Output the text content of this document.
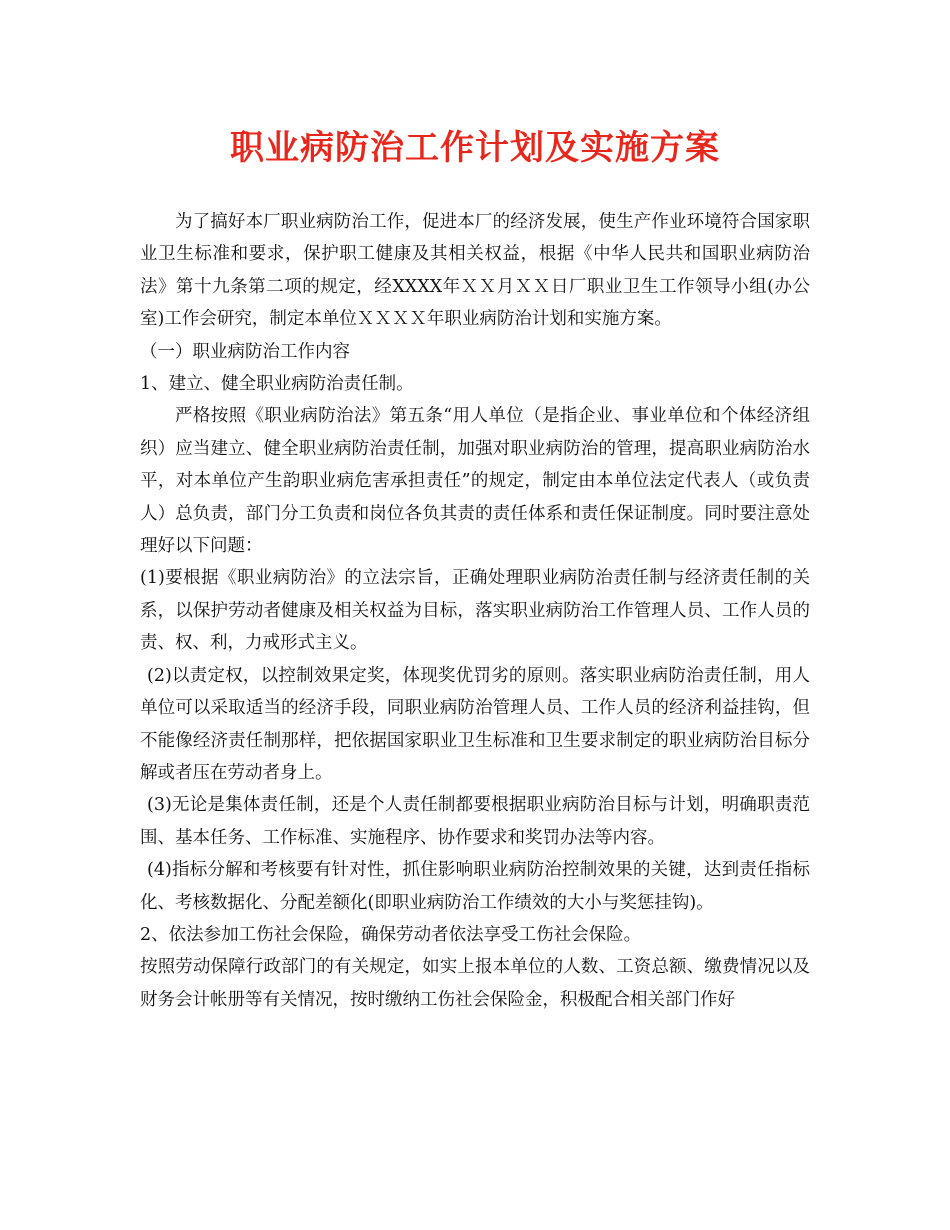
职业病防治工作计划及实施方案

为了搞好本厂职业病防治工作，促进本厂的经济发展，使生产作业环境符合国家职业卫生标准和要求，保护职工健康及其相关权益，根据《中华人民共和国职业病防治法》第十九条第二项的规定，经XXXX年ＸＸ月ＸＸ日厂职业卫生工作领导小组(办公室)工作会研究，制定本单位ＸＸＸＸ年职业病防治计划和实施方案。

（一）职业病防治工作内容

1、建立、健全职业病防治责任制。

严格按照《职业病防治法》第五条“用人单位（是指企业、事业单位和个体经济组织）应当建立、健全职业病防治责任制，加强对职业病防治的管理，提高职业病防治水平，对本单位产生韵职业病危害承担责任”的规定，制定由本单位法定代表人（或负责人）总负责，部门分工负责和岗位各负其责的责任体系和责任保证制度。同时要注意处理好以下问题：

(1)要根据《职业病防治》的立法宗旨，正确处理职业病防治责任制与经济责任制的关系，以保护劳动者健康及相关权益为目标，落实职业病防治工作管理人员、工作人员的责、权、利，力戒形式主义。

(2)以责定权，以控制效果定奖，体现奖优罚劣的原则。落实职业病防治责任制，用人单位可以采取适当的经济手段，同职业病防治管理人员、工作人员的经济利益挂钩，但不能像经济责任制那样，把依据国家职业卫生标准和卫生要求制定的职业病防治目标分解或者压在劳动者身上。

(3)无论是集体责任制，还是个人责任制都要根据职业病防治目标与计划，明确职责范围、基本任务、工作标准、实施程序、协作要求和奖罚办法等内容。

(4)指标分解和考核要有针对性，抓住影响职业病防治控制效果的关键，达到责任指标化、考核数据化、分配差额化(即职业病防治工作绩效的大小与奖惩挂钩)。

2、依法参加工伤社会保险，确保劳动者依法享受工伤社会保险。

按照劳动保障行政部门的有关规定，如实上报本单位的人数、工资总额、缴费情况以及财务会计帐册等有关情况，按时缴纳工伤社会保险金，积极配合相关部门作好
